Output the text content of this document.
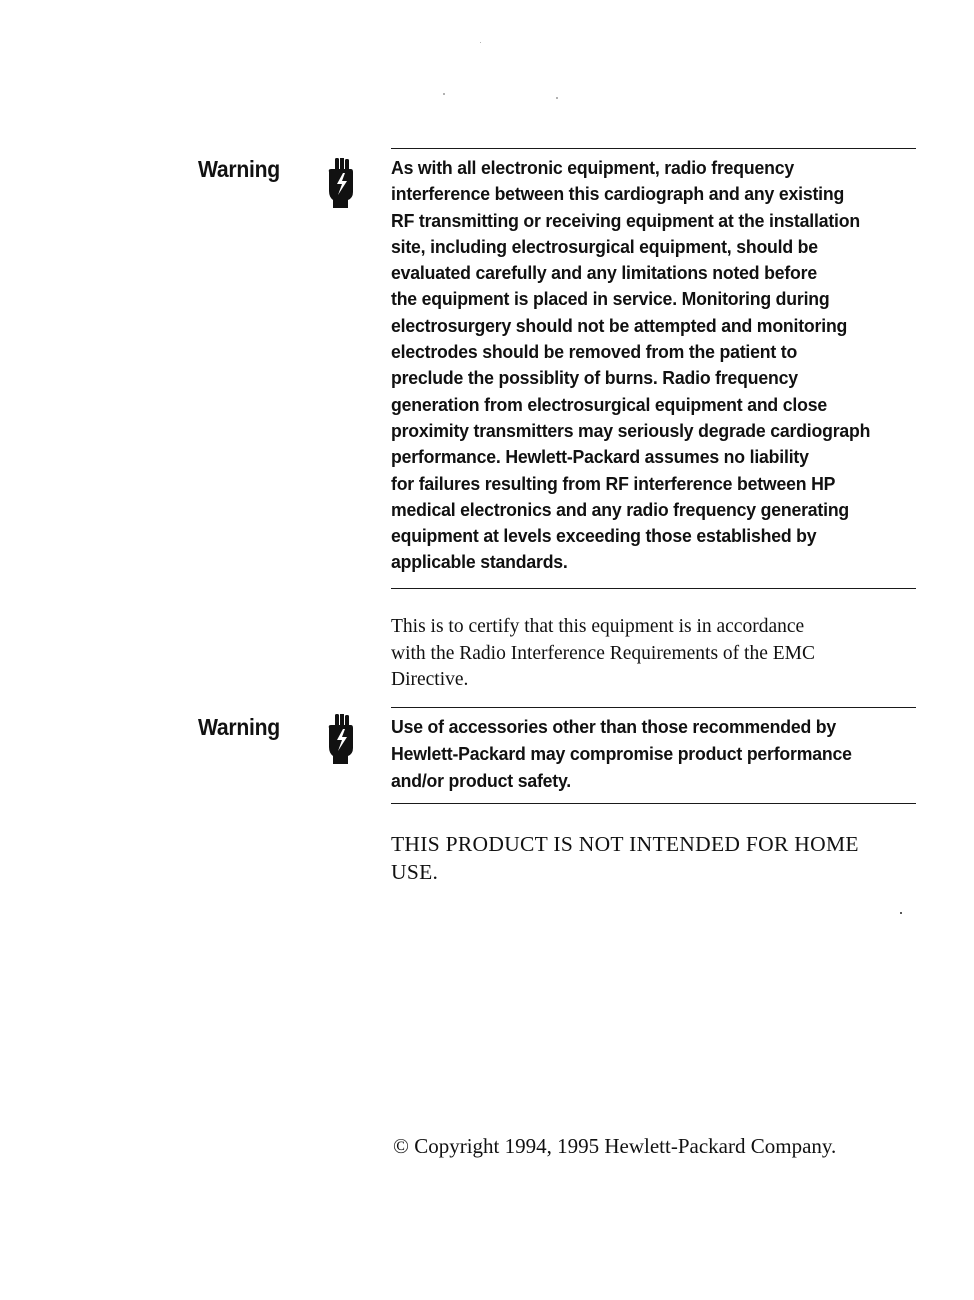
Warning	As with all electronic equipment, radio frequency
interference between this cardiograph and any existing
RF transmitting or receiving equipment at the installation
site, including electrosurgical equipment, should be
evaluated carefully and any limitations noted before
the equipment is placed in service. Monitoring during
electrosurgery should not be attempted and monitoring
electrodes should be removed from the patient to
preclude the possiblity of burns. Radio frequency
generation from electrosurgical equipment and close
proximity transmitters may seriously degrade cardiograph
performance. Hewlett-Packard assumes no liability
for failures resulting from RF interference between HP
medical electronics and any radio frequency generating
equipment at levels exceeding those established by
applicable standards.
This is to certify that this equipment is in accordance
with the Radio Interference Requirements of the EMC
Directive.
Warning	Use of accessories other than those recommended by
Hewlett-Packard may compromise product performance
and/or product safety.
THIS PRODUCT IS NOT INTENDED FOR HOME
USE.
© Copyright 1994, 1995 Hewlett-Packard Company.
